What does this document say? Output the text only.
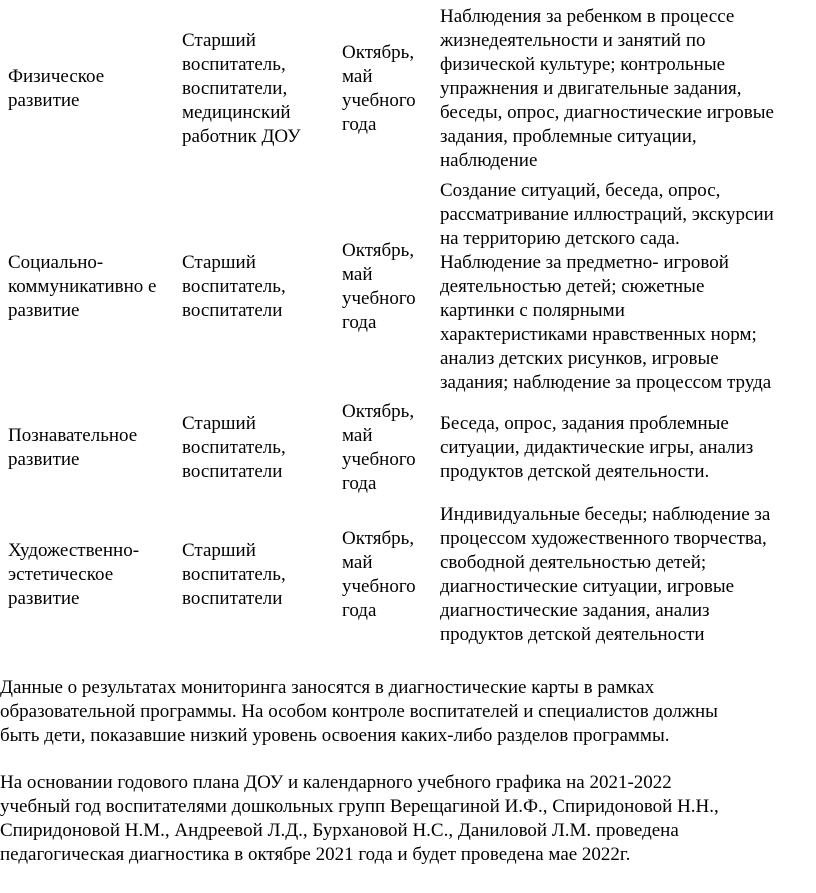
Физическое
развитие
Старший
воспитатель,
воспитатели,
медицинский
работник ДОУ
Октябрь,
май
учебного
года
Наблюдения за ребенком в процессе
жизнедеятельности и занятий по
физической культуре; контрольные
упражнения и двигательные задания,
беседы, опрос, диагностические игровые
задания, проблемные ситуации,
наблюдение
Социально-
коммуникативно е
развитие
Старший
воспитатель,
воспитатели
Октябрь,
май
учебного
года
Создание ситуаций, беседа, опрос,
рассматривание иллюстраций, экскурсии
на территорию детского сада.
Наблюдение за предметно- игровой
деятельностью детей; сюжетные
картинки с полярными
характеристиками нравственных норм;
анализ детских рисунков, игровые
задания; наблюдение за процессом труда
Познавательное
развитие
Старший
воспитатель,
воспитатели
Октябрь,
май
учебного
года
Беседа, опрос, задания проблемные
ситуации, дидактические игры, анализ
продуктов детской деятельности.
Художественно-
эстетическое
развитие
Старший
воспитатель,
воспитатели
Октябрь,
май
учебного
года
Индивидуальные беседы; наблюдение за
процессом художественного творчества,
свободной деятельностью детей;
диагностические ситуации, игровые
диагностические задания, анализ
продуктов детской деятельности
Данные о результатах мониторинга заносятся в диагностические карты в рамках
образовательной программы. На особом контроле воспитателей и специалистов должны
быть дети, показавшие низкий уровень освоения каких-либо разделов программы.
На основании годового плана ДОУ и календарного учебного графика на 2021-2022
учебный год воспитателями дошкольных групп Верещагиной И.Ф., Спиридоновой Н.Н.,
Спиридоновой Н.М., Андреевой Л.Д., Бурхановой Н.С., Даниловой Л.М. проведена
педагогическая диагностика в октябре 2021 года и будет проведена мае 2022г.
